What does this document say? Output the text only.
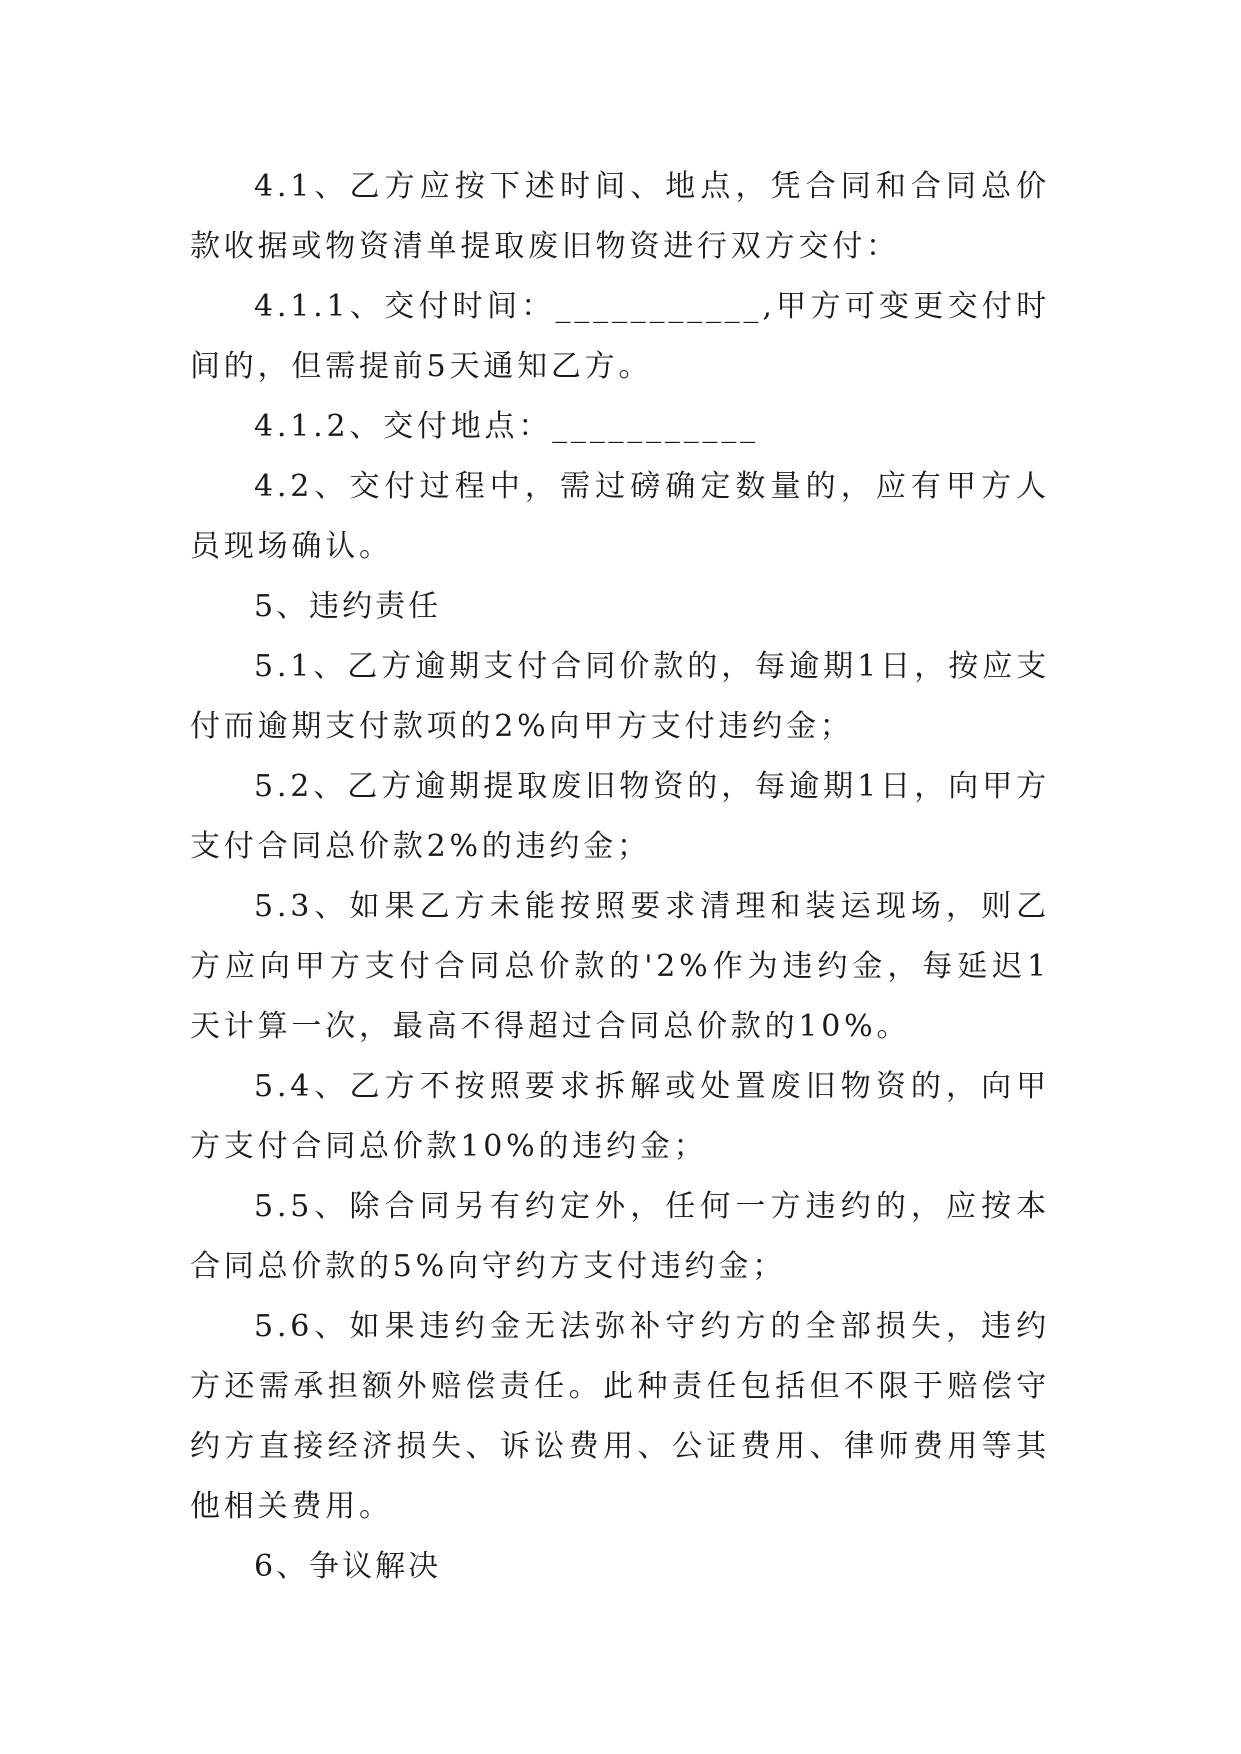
4.1、乙方应按下述时间、地点，凭合同和合同总价款收据或物资清单提取废旧物资进行双方交付：

4.1.1、交付时间：___________,甲方可变更交付时间的，但需提前5天通知乙方。

4.1.2、交付地点：___________

4.2、交付过程中，需过磅确定数量的，应有甲方人员现场确认。

5、违约责任

5.1、乙方逾期支付合同价款的，每逾期1日，按应支付而逾期支付款项的2%向甲方支付违约金；

5.2、乙方逾期提取废旧物资的，每逾期1日，向甲方支付合同总价款2%的违约金；

5.3、如果乙方未能按照要求清理和装运现场，则乙方应向甲方支付合同总价款的'2%作为违约金，每延迟1天计算一次，最高不得超过合同总价款的10%。

5.4、乙方不按照要求拆解或处置废旧物资的，向甲方支付合同总价款10%的违约金；

5.5、除合同另有约定外，任何一方违约的，应按本合同总价款的5%向守约方支付违约金；

5.6、如果违约金无法弥补守约方的全部损失，违约方还需承担额外赔偿责任。此种责任包括但不限于赔偿守约方直接经济损失、诉讼费用、公证费用、律师费用等其他相关费用。

6、争议解决
